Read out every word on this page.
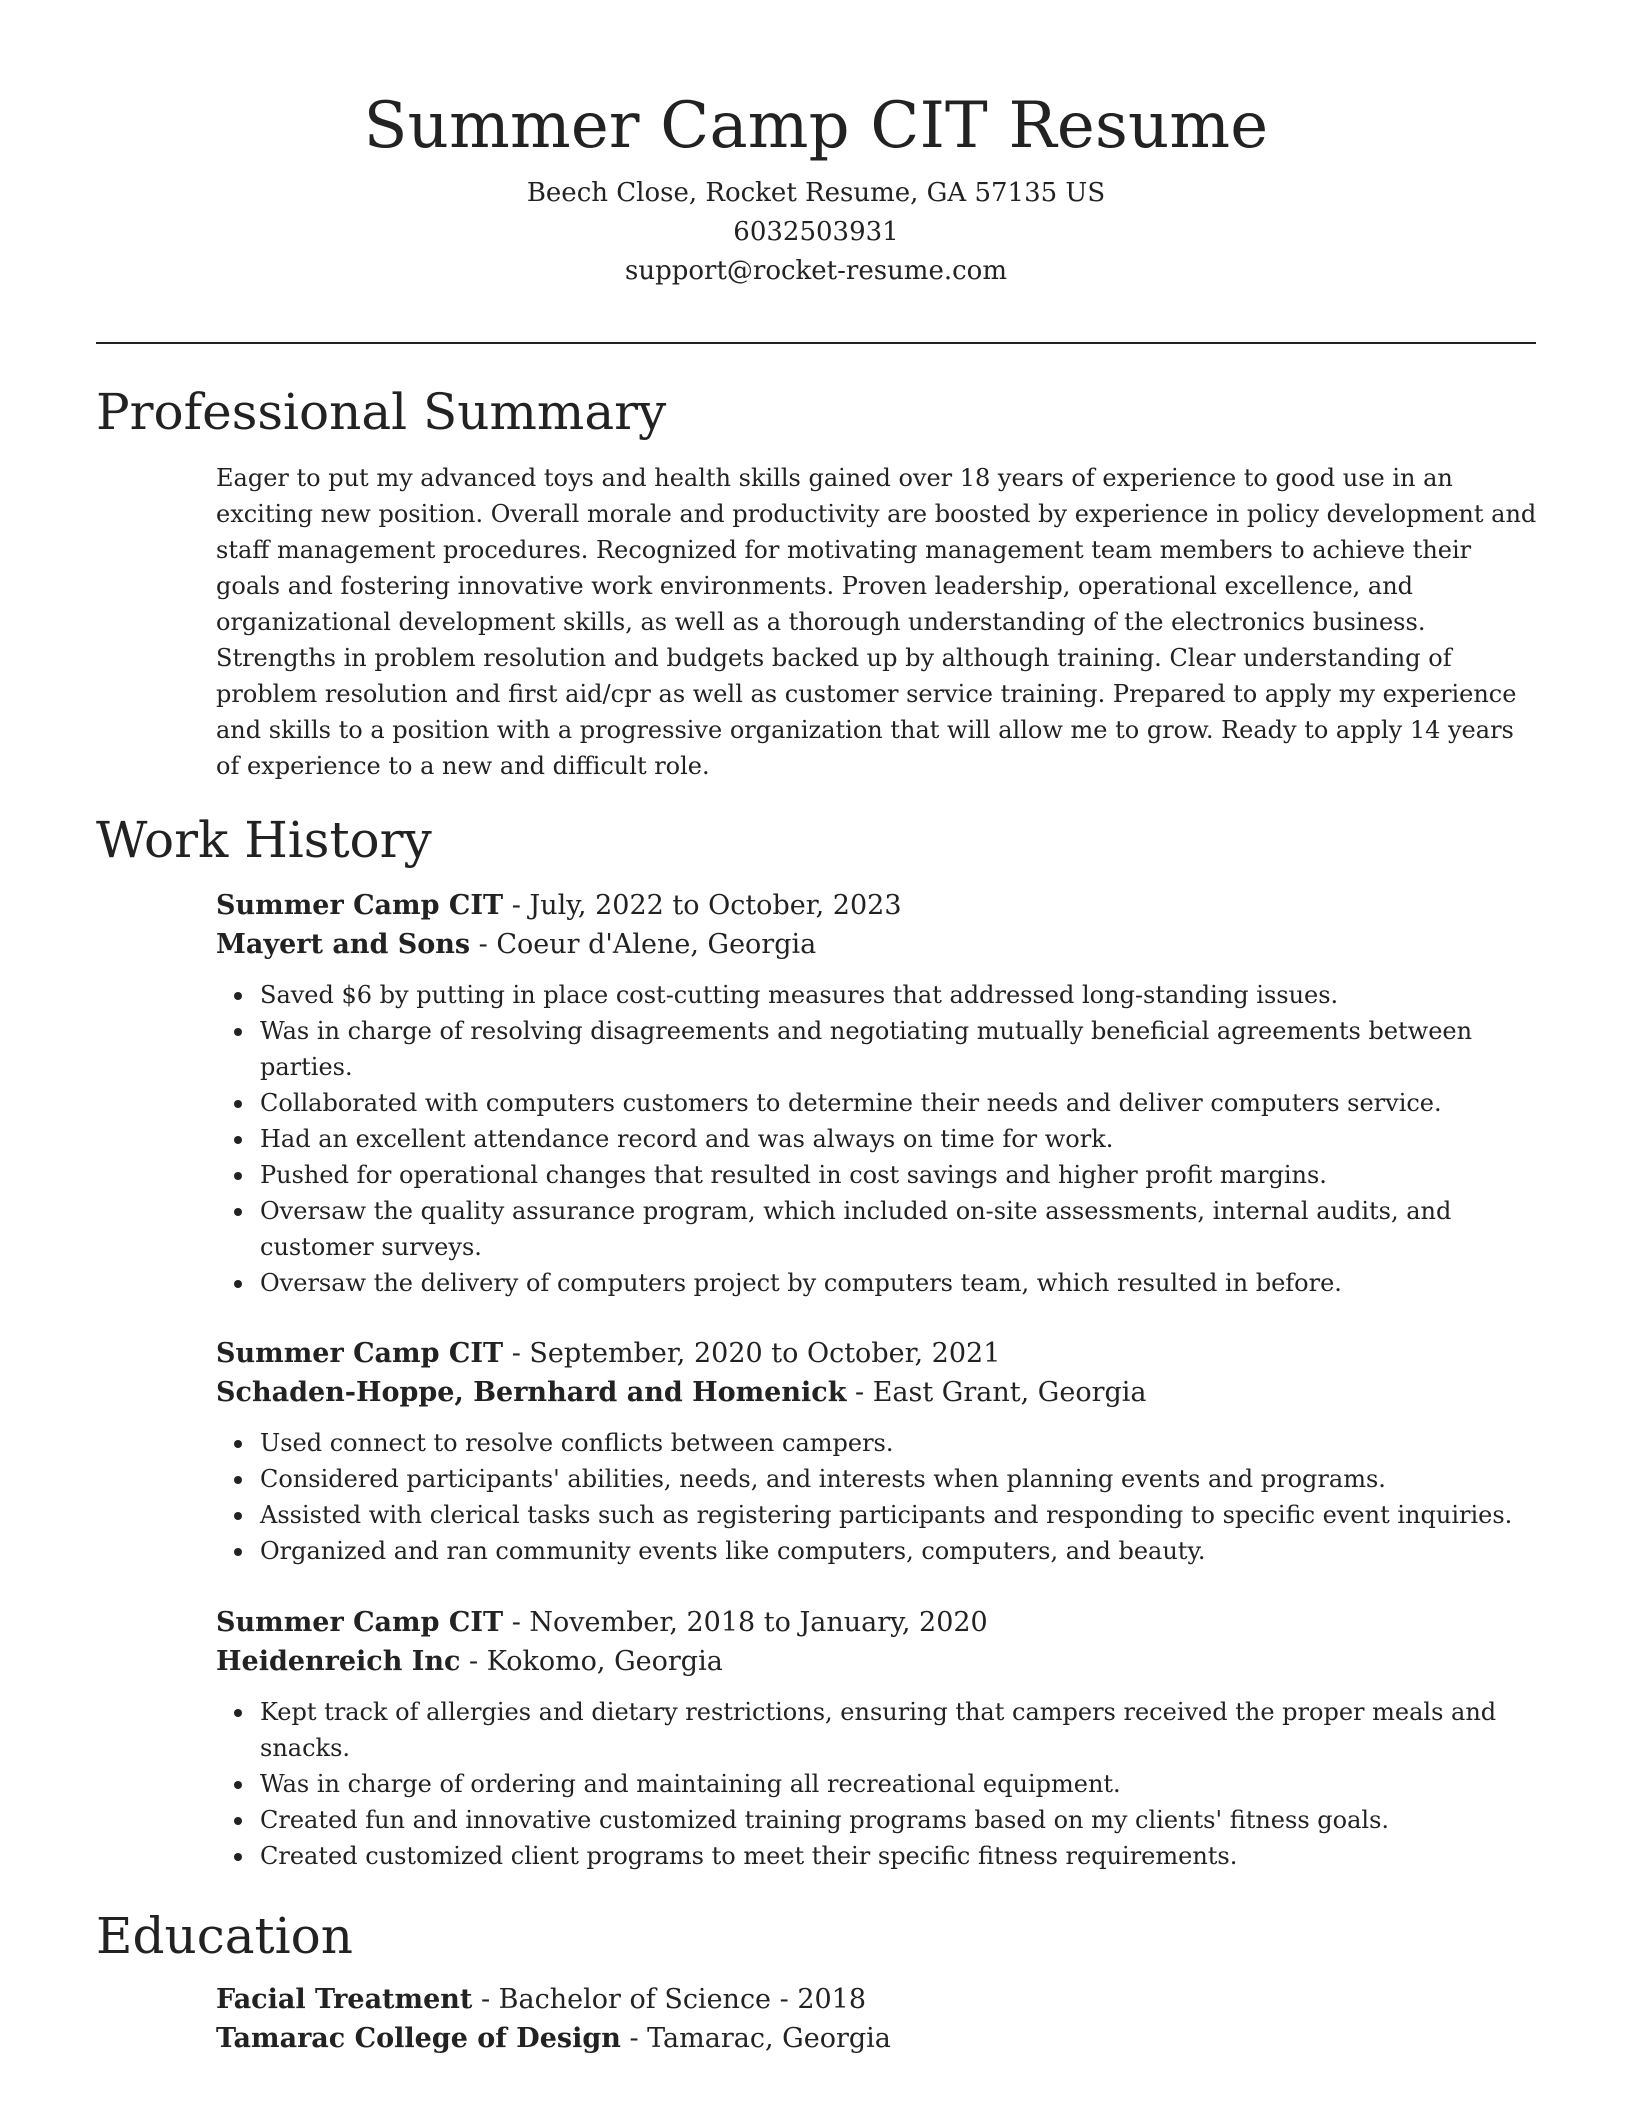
Summer Camp CIT Resume

Beech Close, Rocket Resume, GA 57135 US

6032503931

support@rocket-resume.com

Professional Summary

Eager to put my advanced toys and health skills gained over 18 years of experience to good use in an exciting new position. Overall morale and productivity are boosted by experience in policy development and staff management procedures. Recognized for motivating management team members to achieve their goals and fostering innovative work environments. Proven leadership, operational excellence, and organizational development skills, as well as a thorough understanding of the electronics business. Strengths in problem resolution and budgets backed up by although training. Clear understanding of problem resolution and first aid/cpr as well as customer service training. Prepared to apply my experience and skills to a position with a progressive organization that will allow me to grow. Ready to apply 14 years of experience to a new and difficult role.

Work History

Summer Camp CIT - July, 2022 to October, 2023

Mayert and Sons - Coeur d'Alene, Georgia

Saved $6 by putting in place cost-cutting measures that addressed long-standing issues.
Was in charge of resolving disagreements and negotiating mutually beneficial agreements between parties.
Collaborated with computers customers to determine their needs and deliver computers service.
Had an excellent attendance record and was always on time for work.
Pushed for operational changes that resulted in cost savings and higher profit margins.
Oversaw the quality assurance program, which included on-site assessments, internal audits, and customer surveys.
Oversaw the delivery of computers project by computers team, which resulted in before.

Summer Camp CIT - September, 2020 to October, 2021

Schaden-Hoppe, Bernhard and Homenick - East Grant, Georgia

Used connect to resolve conflicts between campers.
Considered participants' abilities, needs, and interests when planning events and programs.
Assisted with clerical tasks such as registering participants and responding to specific event inquiries.
Organized and ran community events like computers, computers, and beauty.

Summer Camp CIT - November, 2018 to January, 2020

Heidenreich Inc - Kokomo, Georgia

Kept track of allergies and dietary restrictions, ensuring that campers received the proper meals and snacks.
Was in charge of ordering and maintaining all recreational equipment.
Created fun and innovative customized training programs based on my clients' fitness goals.
Created customized client programs to meet their specific fitness requirements.
Education

Facial Treatment - Bachelor of Science - 2018

Tamarac College of Design - Tamarac, Georgia
